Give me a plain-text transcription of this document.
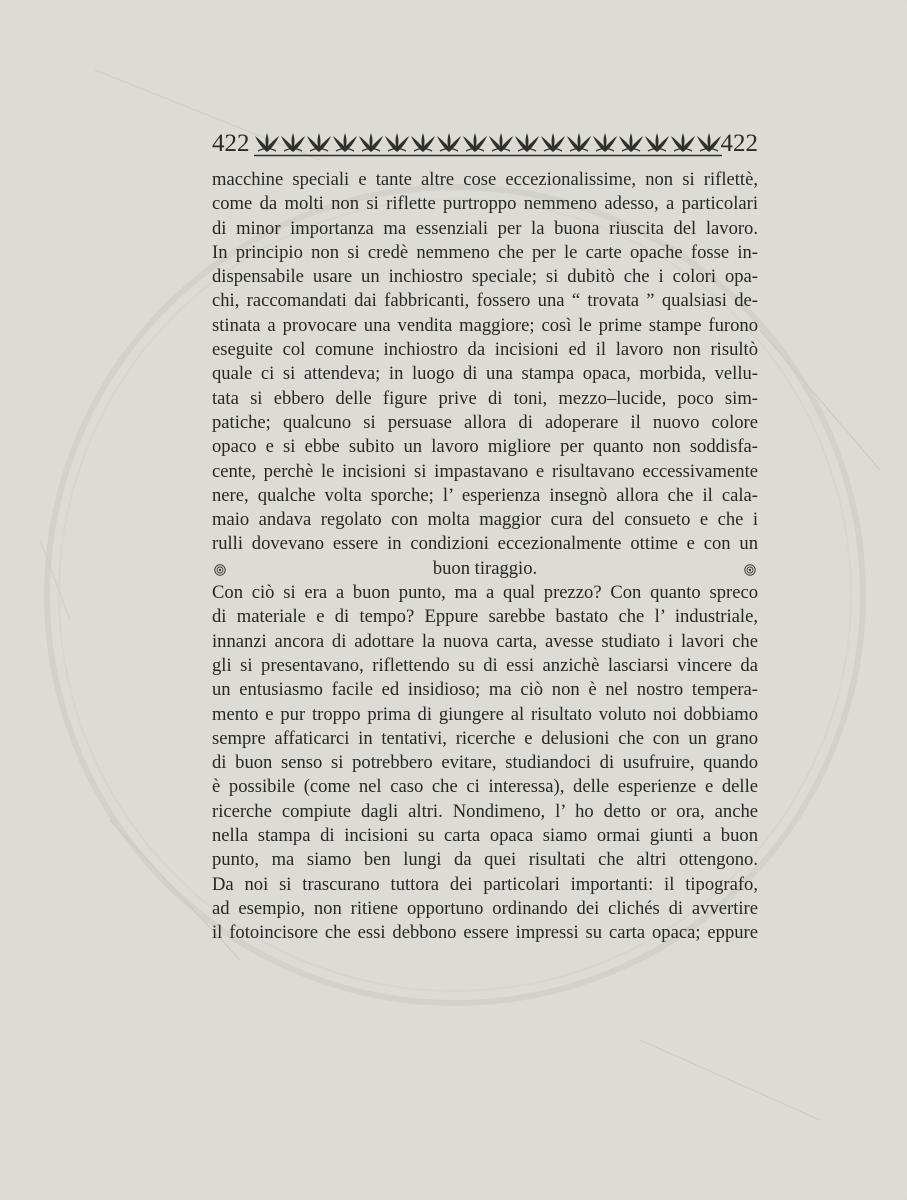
422	422
macchine speciali e tante altre cose eccezionalissime, non si riflettè,
come da molti non si riflette purtroppo nemmeno adesso, a particolari
di minor importanza ma essenziali per la buona riuscita del lavoro.
In principio non si credè nemmeno che per le carte opache fosse in-
dispensabile usare un inchiostro speciale; si dubitò che i colori opa-
chi, raccomandati dai fabbricanti, fossero una “ trovata ” qualsiasi de-
stinata a provocare una vendita maggiore; così le prime stampe furono
eseguite col comune inchiostro da incisioni ed il lavoro non risultò
quale ci si attendeva; in luogo di una stampa opaca, morbida, vellu-
tata si ebbero delle figure prive di toni, mezzo–lucide, poco sim-
patiche; qualcuno si persuase allora di adoperare il nuovo colore
opaco e si ebbe subito un lavoro migliore per quanto non soddisfa-
cente, perchè le incisioni si impastavano e risultavano eccessivamente
nere, qualche volta sporche; l’ esperienza insegnò allora che il cala-
maio andava regolato con molta maggior cura del consueto e che i
rulli dovevano essere in condizioni eccezionalmente ottime e con un
buon tiraggio.
Con ciò si era a buon punto, ma a qual prezzo? Con quanto spreco
di materiale e di tempo? Eppure sarebbe bastato che l’ industriale,
innanzi ancora di adottare la nuova carta, avesse studiato i lavori che
gli si presentavano, riflettendo su di essi anzichè lasciarsi vincere da
un entusiasmo facile ed insidioso; ma ciò non è nel nostro tempera-
mento e pur troppo prima di giungere al risultato voluto noi dobbiamo
sempre affaticarci in tentativi, ricerche e delusioni che con un grano
di buon senso si potrebbero evitare, studiandoci di usufruire, quando
è possibile (come nel caso che ci interessa), delle esperienze e delle
ricerche compiute dagli altri. Nondimeno, l’ ho detto or ora, anche
nella stampa di incisioni su carta opaca siamo ormai giunti a buon
punto, ma siamo ben lungi da quei risultati che altri ottengono.
Da noi si trascurano tuttora dei particolari importanti: il tipografo,
ad esempio, non ritiene opportuno ordinando dei clichés di avvertire
il fotoincisore che essi debbono essere impressi su carta opaca; eppure
